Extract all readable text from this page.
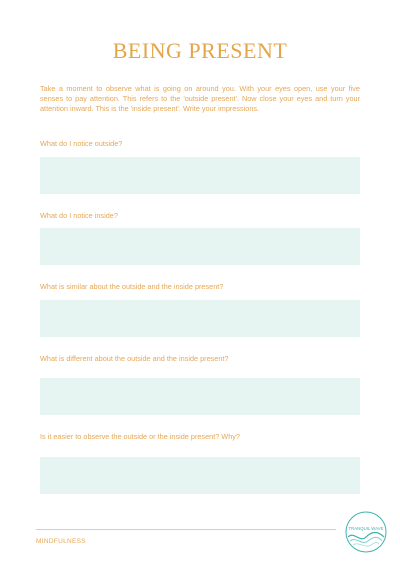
BEING PRESENT

Take a moment to observe what is going on around you. With your eyes open, use your five senses to pay attention. This refers to the 'outside present'. Now close your eyes and turn your attention inward. This is the 'inside present'. Write your impressions.

What do I notice outside?
What do I notice inside?
What is similar about the outside and the inside present?
What is different about the outside and the inside present?
Is it easier to observe the outside or the inside present? Why?
MINDFULNESS
TRANQUIL WAVE
